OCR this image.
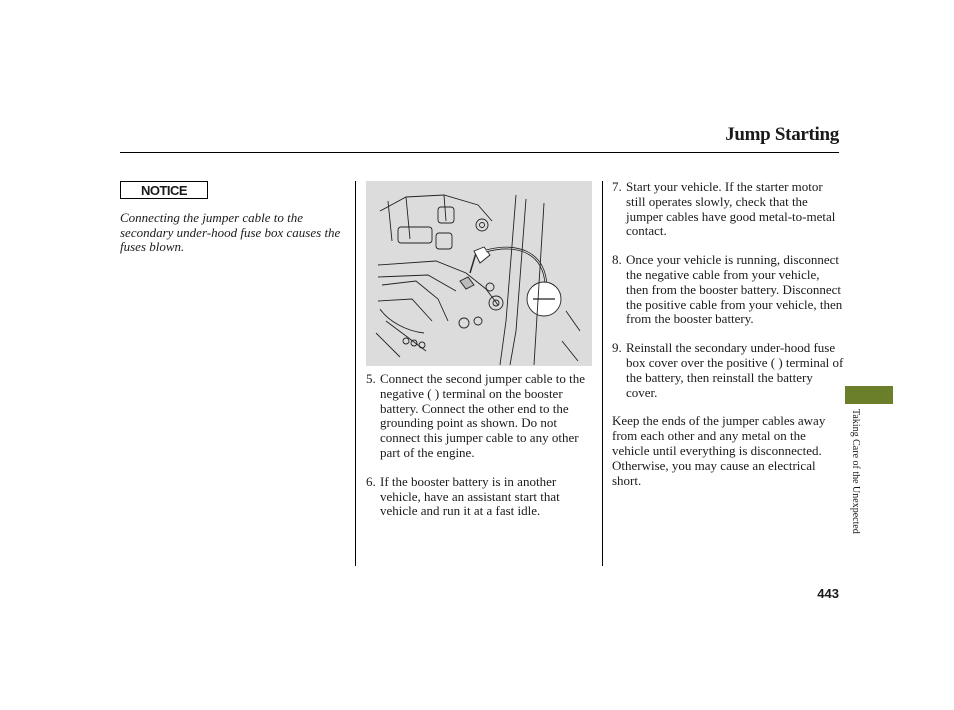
Jump Starting
NOTICE

Connecting the jumper cable to the secondary under-hood fuse box causes the fuses blown.

5. Connect the second jumper cable to the negative ( ) terminal on the booster battery. Connect the other end to the grounding point as shown. Do not connect this jumper cable to any other part of the engine.
6. If the booster battery is in another vehicle, have an assistant start that vehicle and run it at a fast idle.
7. Start your vehicle. If the starter motor still operates slowly, check that the jumper cables have good metal-to-metal contact.
8. Once your vehicle is running, disconnect the negative cable from your vehicle, then from the booster battery. Disconnect the positive cable from your vehicle, then from the booster battery.
9. Reinstall the secondary under-hood fuse box cover over the positive ( ) terminal of the battery, then reinstall the battery cover.

Keep the ends of the jumper cables away from each other and any metal on the vehicle until everything is disconnected. Otherwise, you may cause an electrical short.	Taking Care of the Unexpected
443
